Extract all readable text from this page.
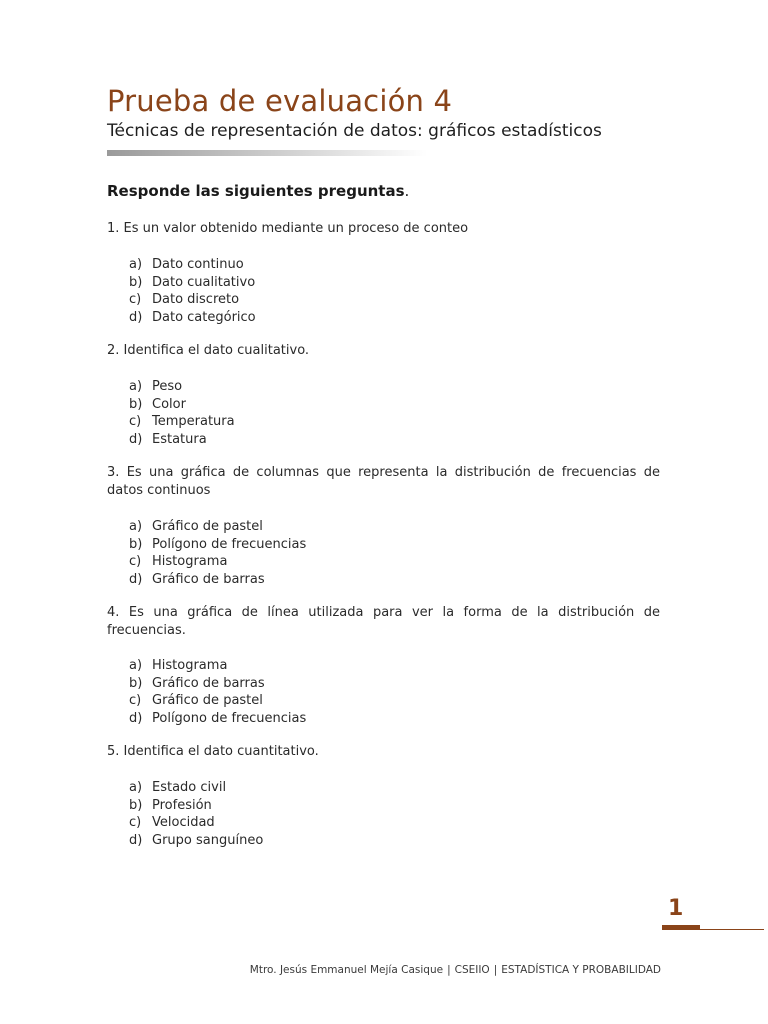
Prueba de evaluación 4
Técnicas de representación de datos: gráficos estadísticos
Responde las siguientes preguntas.
1. Es un valor obtenido mediante un proceso de conteo
a) Dato continuo
b) Dato cualitativo
c) Dato discreto
d) Dato categórico
2. Identifica el dato cualitativo.
a) Peso
b) Color
c) Temperatura
d) Estatura
3. Es una gráfica de columnas que representa la distribución de frecuencias de datos continuos
a) Gráfico de pastel
b) Polígono de frecuencias
c) Histograma
d) Gráfico de barras
4. Es una gráfica de línea utilizada para ver la forma de la distribución de frecuencias.
a) Histograma
b) Gráfico de barras
c) Gráfico de pastel
d) Polígono de frecuencias
5. Identifica el dato cuantitativo.
a) Estado civil
b) Profesión
c) Velocidad
d) Grupo sanguíneo
1
Mtro. Jesús Emmanuel Mejía Casique | CSEIIO | ESTADÍSTICA Y PROBABILIDAD
